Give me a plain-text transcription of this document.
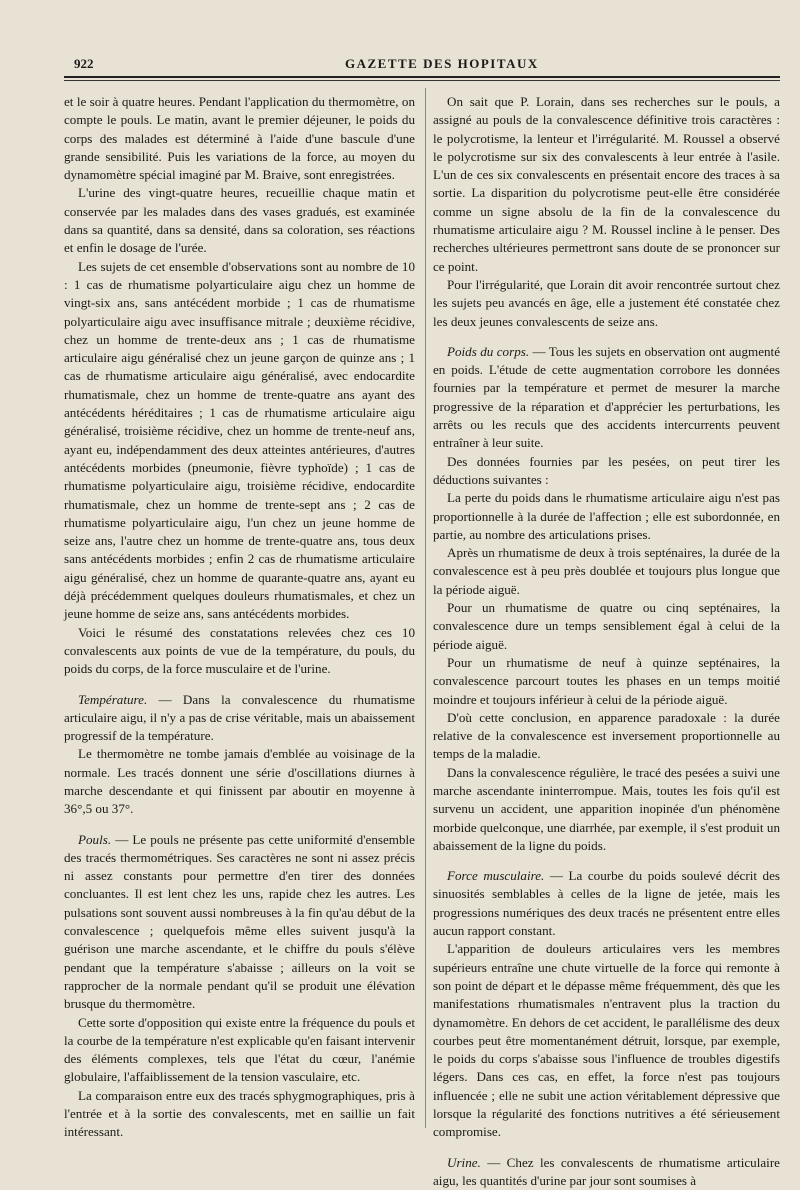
922	GAZETTE DES HOPITAUX

et le soir à quatre heures. Pendant l'application du thermomètre, on compte le pouls. Le matin, avant le premier déjeuner, le poids du corps des malades est déterminé à l'aide d'une bascule d'une grande sensibilité. Puis les variations de la force, au moyen du dynamomètre spécial imaginé par M. Braive, sont enregistrées.

L'urine des vingt-quatre heures, recueillie chaque matin et conservée par les malades dans des vases gradués, est examinée dans sa quantité, dans sa densité, dans sa coloration, ses réactions et enfin le dosage de l'urée.

Les sujets de cet ensemble d'observations sont au nombre de 10 : 1 cas de rhumatisme polyarticulaire aigu chez un homme de vingt-six ans, sans antécédent morbide ; 1 cas de rhumatisme polyarticulaire aigu avec insuffisance mitrale ; deuxième récidive, chez un homme de trente-deux ans ; 1 cas de rhumatisme articulaire aigu généralisé chez un jeune garçon de quinze ans ; 1 cas de rhumatisme articulaire aigu généralisé, avec endocardite rhumatismale, chez un homme de trente-quatre ans ayant des antécédents héréditaires ; 1 cas de rhumatisme articulaire aigu généralisé, troisième récidive, chez un homme de trente-neuf ans, ayant eu, indépendamment des deux atteintes antérieures, d'autres antécédents morbides (pneumonie, fièvre typhoïde) ; 1 cas de rhumatisme polyarticulaire aigu, troisième récidive, endocardite rhumatismale, chez un homme de trente-sept ans ; 2 cas de rhumatisme polyarticulaire aigu, l'un chez un jeune homme de seize ans, l'autre chez un homme de trente-quatre ans, tous deux sans antécédents morbides ; enfin 2 cas de rhumatisme articulaire aigu généralisé, chez un homme de quarante-quatre ans, ayant eu déjà précédemment quelques douleurs rhumatismales, et chez un jeune homme de seize ans, sans antécédents morbides.

Voici le résumé des constatations relevées chez ces 10 convalescents aux points de vue de la température, du pouls, du poids du corps, de la force musculaire et de l'urine.

Température. — Dans la convalescence du rhumatisme articulaire aigu, il n'y a pas de crise véritable, mais un abaissement progressif de la température.

Le thermomètre ne tombe jamais d'emblée au voisinage de la normale. Les tracés donnent une série d'oscillations diurnes à marche descendante et qui finissent par aboutir en moyenne à 36°,5 ou 37°.

Pouls. — Le pouls ne présente pas cette uniformité d'ensemble des tracés thermométriques. Ses caractères ne sont ni assez précis ni assez constants pour permettre d'en tirer des données concluantes. Il est lent chez les uns, rapide chez les autres. Les pulsations sont souvent aussi nombreuses à la fin qu'au début de la convalescence ; quelquefois même elles suivent jusqu'à la guérison une marche ascendante, et le chiffre du pouls s'élève pendant que la température s'abaisse ; ailleurs on la voit se rapprocher de la normale pendant qu'il se produit une élévation brusque du thermomètre.

Cette sorte d'opposition qui existe entre la fréquence du pouls et la courbe de la température n'est explicable qu'en faisant intervenir des éléments complexes, tels que l'état du cœur, l'anémie globulaire, l'affaiblissement de la tension vasculaire, etc.

La comparaison entre eux des tracés sphygmographiques, pris à l'entrée et à la sortie des convalescents, met en saillie un fait intéressant.

On sait que P. Lorain, dans ses recherches sur le pouls, a assigné au pouls de la convalescence définitive trois caractères : le polycrotisme, la lenteur et l'irrégularité. M. Roussel a observé le polycrotisme sur six des convalescents à leur entrée à l'asile. L'un de ces six convalescents en présentait encore des traces à sa sortie. La disparition du polycrotisme peut-elle être considérée comme un signe absolu de la fin de la convalescence du rhumatisme articulaire aigu ? M. Roussel incline à le penser. Des recherches ultérieures permettront sans doute de se prononcer sur ce point.

Pour l'irrégularité, que Lorain dit avoir rencontrée surtout chez les sujets peu avancés en âge, elle a justement été constatée chez les deux jeunes convalescents de seize ans.

Poids du corps. — Tous les sujets en observation ont augmenté en poids. L'étude de cette augmentation corrobore les données fournies par la température et permet de mesurer la marche progressive de la réparation et d'apprécier les perturbations, les arrêts ou les reculs que des accidents intercurrents peuvent entraîner à leur suite.

Des données fournies par les pesées, on peut tirer les déductions suivantes :

La perte du poids dans le rhumatisme articulaire aigu n'est pas proportionnelle à la durée de l'affection ; elle est subordonnée, en partie, au nombre des articulations prises.

Après un rhumatisme de deux à trois septénaires, la durée de la convalescence est à peu près doublée et toujours plus longue que la période aiguë.

Pour un rhumatisme de quatre ou cinq septénaires, la convalescence dure un temps sensiblement égal à celui de la période aiguë.

Pour un rhumatisme de neuf à quinze septénaires, la convalescence parcourt toutes les phases en un temps moitié moindre et toujours inférieur à celui de la période aiguë.

D'où cette conclusion, en apparence paradoxale : la durée relative de la convalescence est inversement proportionnelle au temps de la maladie.

Dans la convalescence régulière, le tracé des pesées a suivi une marche ascendante ininterrompue. Mais, toutes les fois qu'il est survenu un accident, une apparition inopinée d'un phénomène morbide quelconque, une diarrhée, par exemple, il s'est produit un abaissement de la ligne du poids.

Force musculaire. — La courbe du poids soulevé décrit des sinuosités semblables à celles de la ligne de jetée, mais les progressions numériques des deux tracés ne présentent entre elles aucun rapport constant.

L'apparition de douleurs articulaires vers les membres supérieurs entraîne une chute virtuelle de la force qui remonte à son point de départ et le dépasse même fréquemment, dès que les manifestations rhumatismales n'entravent plus la traction du dynamomètre. En dehors de cet accident, le parallélisme des deux courbes peut être momentanément détruit, lorsque, par exemple, le poids du corps s'abaisse sous l'influence de troubles digestifs légers. Dans ces cas, en effet, la force n'est pas toujours influencée ; elle ne subit une action véritablement dépressive que lorsque la régularité des fonctions nutritives a été sérieusement compromise.

Urine. — Chez les convalescents de rhumatisme articulaire aigu, les quantités d'urine par jour sont soumises à
